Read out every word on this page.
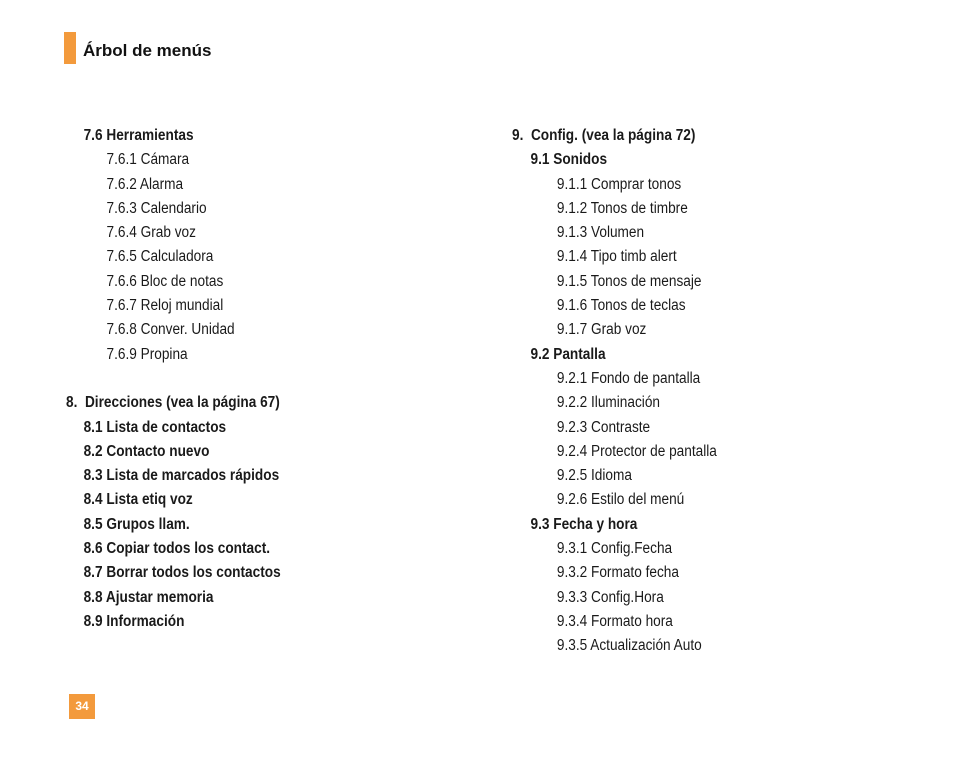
Árbol de menús
7.6 Herramientas
7.6.1 Cámara
7.6.2 Alarma
7.6.3 Calendario
7.6.4 Grab voz
7.6.5 Calculadora
7.6.6 Bloc de notas
7.6.7 Reloj mundial
7.6.8 Conver. Unidad
7.6.9 Propina
8.  Direcciones (vea la página 67)
8.1 Lista de contactos
8.2 Contacto nuevo
8.3 Lista de marcados rápidos
8.4 Lista etiq voz
8.5 Grupos llam.
8.6 Copiar todos los contact.
8.7 Borrar todos los contactos
8.8 Ajustar memoria
8.9 Información
9.  Config. (vea la página 72)
9.1 Sonidos
9.1.1 Comprar tonos
9.1.2 Tonos de timbre
9.1.3 Volumen
9.1.4 Tipo timb alert
9.1.5 Tonos de mensaje
9.1.6 Tonos de teclas
9.1.7 Grab voz
9.2 Pantalla
9.2.1 Fondo de pantalla
9.2.2 Iluminación
9.2.3 Contraste
9.2.4 Protector de pantalla
9.2.5 Idioma
9.2.6 Estilo del menú
9.3 Fecha y hora
9.3.1 Config.Fecha
9.3.2 Formato fecha
9.3.3 Config.Hora
9.3.4 Formato hora
9.3.5 Actualización Auto
34
